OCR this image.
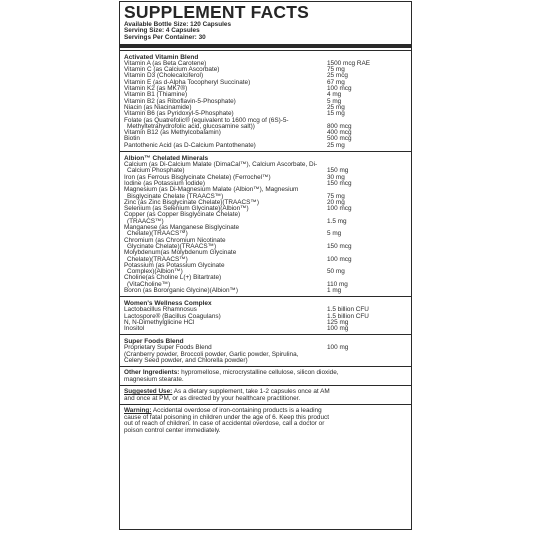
SUPPLEMENT FACTS
Available Bottle Size: 120 Capsules
Serving Size: 4 Capsules
Servings Per Container: 30
Activated Vitamin Blend
Vitamin A (as Beta Carotene)	1500 mcg RAE
Vitamin C (as Calcium Ascorbate)	75 mg
Vitamin D3 (Cholecalciferol)	25 mcg
Vitamin E (as d-Alpha Tocopheryl Succinate)	67 mg
Vitamin K2 (as MK7®)	100 mcg
Vitamin B1 (Thiamine)	4 mg
Vitamin B2 (as Riboflavin-5-Phosphate)	5 mg
Niacin (as Niacinamide)	25 mg
Vitamin B6 (as Pyridoxyl-5-Phosphate)	15 mg
Folate (as Quatrefolic® (equivalent to 1600 mcg of (6S)-5-
Methyltetrahydrofolic acid, glucosamine salt))
	800 mcg
Vitamin B12 (as Methylcobalamin)	400 mcg
Biotin	500 mcg
Pantothenic Acid (as D-Calcium Pantothenate)	25 mg
Albion™ Chelated Minerals
Calcium (as Di-Calcium Malate (DimaCal™), Calcium Ascorbate, Di-
Calcium Phosphate)
	150 mg
Iron (as Ferrous Bisglycinate Chelate) (Ferrochel™)	30 mg
Iodine (as Potassium Iodide)	150 mcg
Magnesium (as Di-Magnesium Malate (Albion™), Magnesium
Bisglycinate Chelate (TRAACS™)
	75 mg
Zinc (as Zinc Bisglycinate Chelate)(TRAACS™)	20 mg
Selenium (as Selenium Glycinate)(Albion™)	100 mcg
Copper (as Copper Bisglycinate Chelate)
(TRAACS™)
	1.5 mg
Manganese (as Manganese Bisglycinate
Chelate)(TRAACS™)
	5 mg
Chromium (as Chromium Nicotinate
Glycinate Chelate)(TRAACS™)
	150 mcg
Molybdenum(as Molybdenum Glycinate
Chelate)(TRAACS™)
	100 mcg
Potassium (as Potassium Glycinate
Complex)(Albion™)
	50 mg
Choline(as Choline L(+) Bitartrate)
(VitaCholine™)
	110 mg
Boron (as Bororganic Glycine)(Albion™)	1 mg
Women's Wellness Complex
Lactobacillus Rhamnosus	1.5 billion CFU
Lactospore® (Bacillus Coagulans)	1.5 billion CFU
N, N-Dimethylglicine HCl	125 mg
Inositol	100 mg
Super Foods Blend
Proprietary Super Foods Blend
(Cranberry powder, Broccoli powder, Garlic powder, Spirulina,
Celery Seed powder, and Chlorella powder)
100 mg

Other Ingredients: hypromellose, microcrystalline cellulose, silicon dioxide,
magnesium stearate.
Suggested Use: As a dietary supplement, take 1-2 capsules once at AM
and once at PM, or as directed by your healthcare practitioner.
Warning: Accidental overdose of iron-containing products is a leading
cause of fatal poisoning in children under the age of 6. Keep this product
out of reach of children. In case of accidental overdose, call a doctor or
poison control center immediately.
